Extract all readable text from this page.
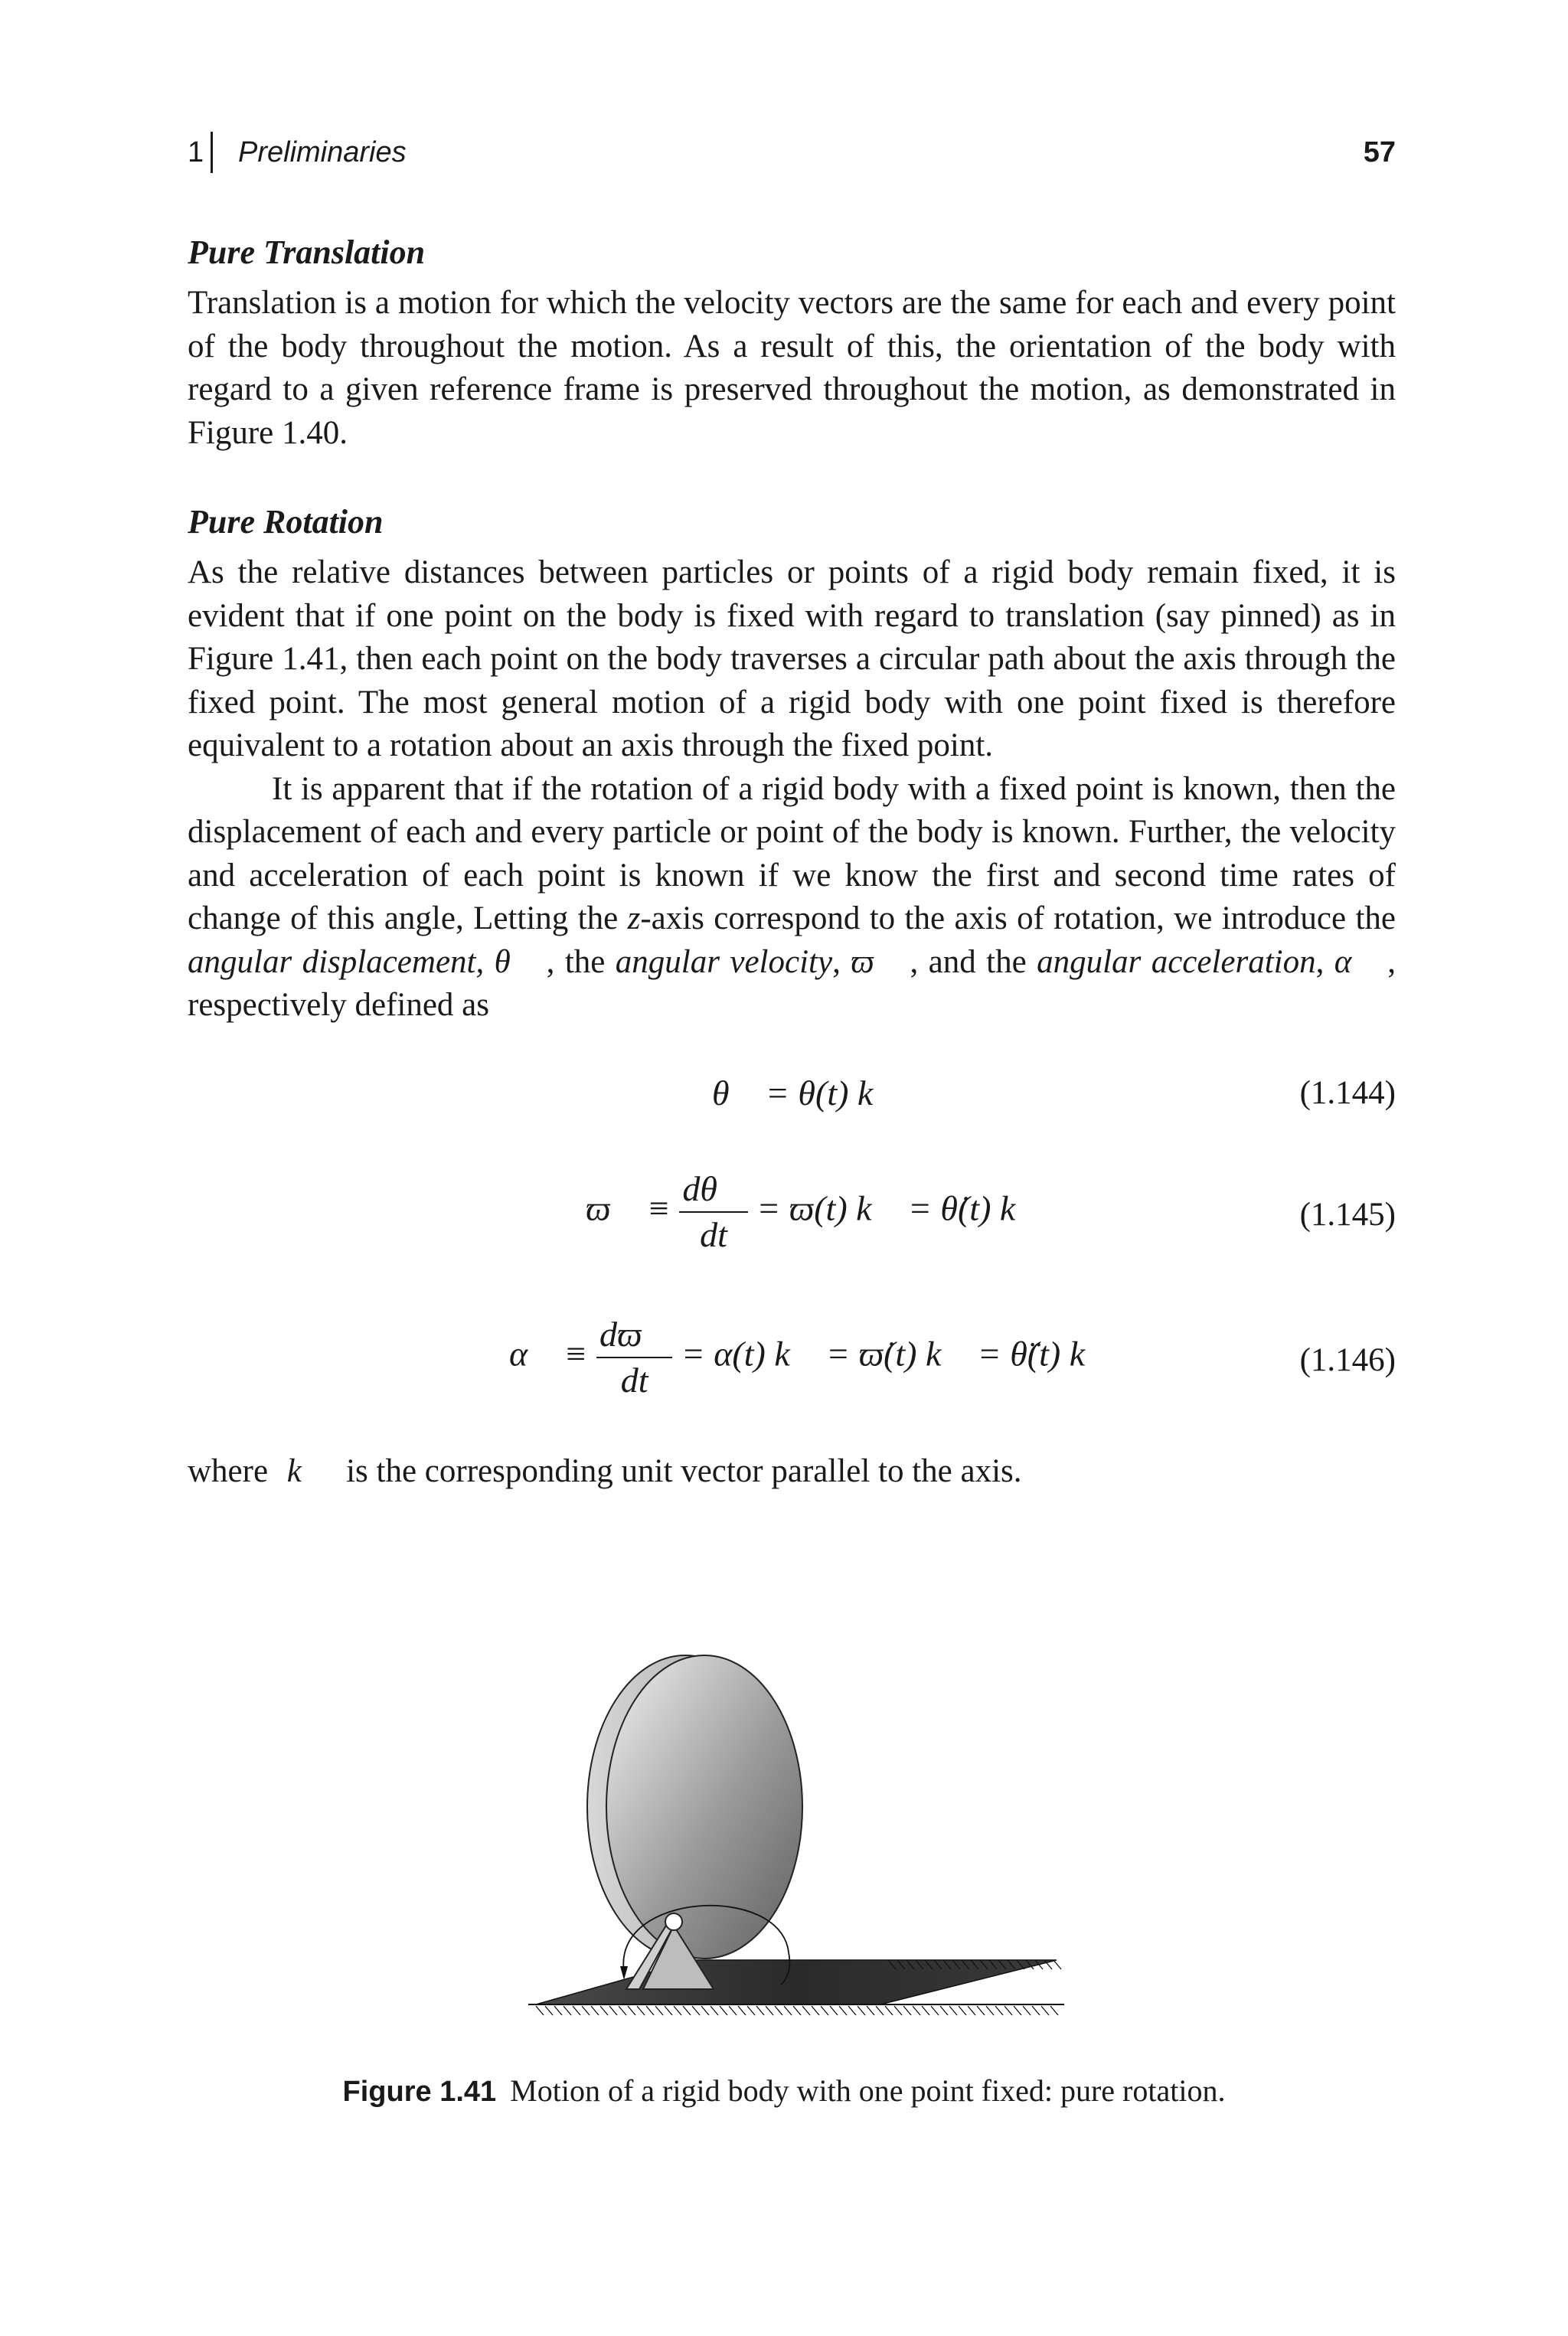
1 Preliminaries	57
Pure Translation

Translation is a motion for which the velocity vectors are the same for each and every point of the body throughout the motion. As a result of this, the orientation of the body with regard to a given reference frame is preserved throughout the motion, as demonstrated in Figure 1.40.

Pure Rotation

As the relative distances between particles or points of a rigid body remain fixed, it is evident that if one point on the body is fixed with regard to translation (say pinned) as in Figure 1.41, then each point on the body traverses a circular path about the axis through the fixed point. The most general motion of a rigid body with one point fixed is therefore equivalent to a rotation about an axis through the fixed point.

It is apparent that if the rotation of a rigid body with a fixed point is known, then the displacement of each and every particle or point of the body is known. Further, the velocity and acceleration of each point is known if we know the first and second time rates of change of this angle, Letting the z-axis correspond to the axis of rotation, we introduce the angular displacement, θ⃗ , the angular velocity, ϖ⃗ , and the angular acceleration, α⃗ , respectively defined as

θ⃗ = θ(t) k⃗	(1.144)
ϖ⃗ ≡ $\frac{d\theta⃗}{dt} = ϖ(t)$ k⃗ = θ̇(t) k⃗	(1.145)
α⃗ ≡ $\frac{dϖ⃗}{dt} = \alpha(t)$ k⃗ = ϖ̇(t) k⃗ = θ̈(t) k⃗	(1.146)
where k⃗ is the corresponding unit vector parallel to the axis.
Figure 1.41 Motion of a rigid body with one point fixed: pure rotation.
